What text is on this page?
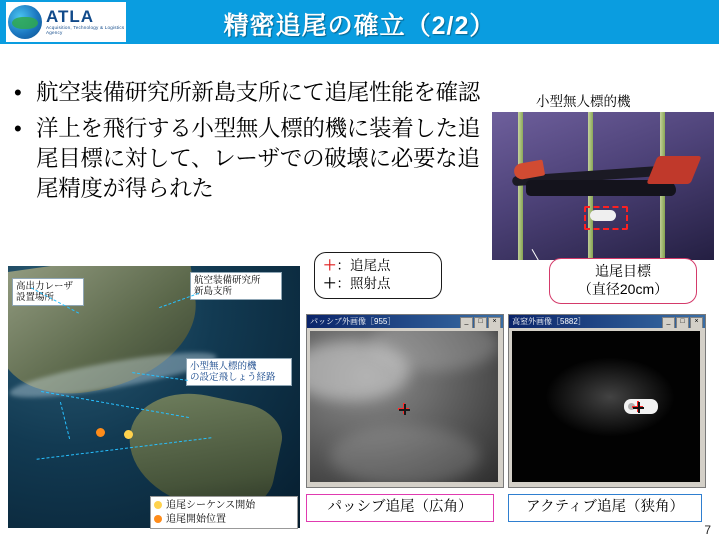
精密追尾の確立（2/2）
ATLA
Acquisition, Technology & Logistics Agency
• 航空装備研究所新島支所にて追尾性能を確認
• 洋上を飛行する小型無人標的機に装着した追尾目標に対して、レーザでの破壊に必要な追尾精度が得られた
小型無人標的機
追尾目標
（直径20cm）
＋：追尾点
＋：照射点
高出力レーザ
設置場所
航空装備研究所
新島支所
小型無人標的機
の設定飛しょう経路
追尾シーケンス開始
追尾開始位置
パッシブ外画像［955］	_	□	×	高窒外画像［5882］	_	□	×
パッシブ追尾（広角）	アクティブ追尾（狭角）
7
